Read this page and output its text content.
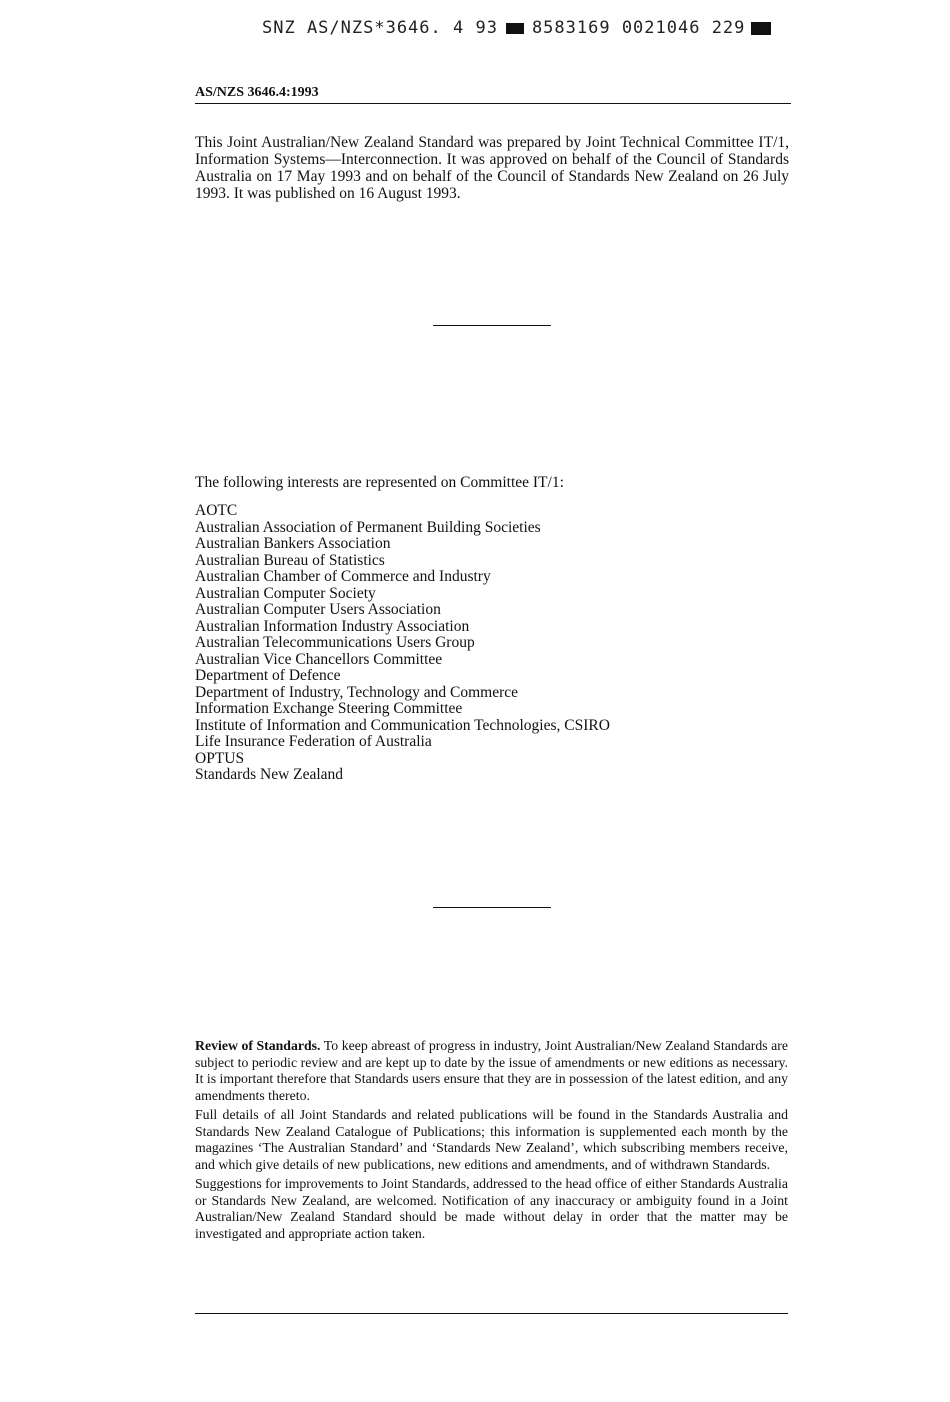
SNZ AS/NZS*3646. 4 93 8583169 0021046 229
AS/NZS 3646.4:1993

This Joint Australian/New Zealand Standard was prepared by Joint Technical Committee IT/1, Information Systems—Interconnection. It was approved on behalf of the Council of Standards Australia on 17 May 1993 and on behalf of the Council of Standards New Zealand on 26 July 1993. It was published on 16 August 1993.

The following interests are represented on Committee IT/1:
AOTC
Australian Association of Permanent Building Societies
Australian Bankers Association
Australian Bureau of Statistics
Australian Chamber of Commerce and Industry
Australian Computer Society
Australian Computer Users Association
Australian Information Industry Association
Australian Telecommunications Users Group
Australian Vice Chancellors Committee
Department of Defence
Department of Industry, Technology and Commerce
Information Exchange Steering Committee
Institute of Information and Communication Technologies, CSIRO
Life Insurance Federation of Australia
OPTUS
Standards New Zealand

Review of Standards. To keep abreast of progress in industry, Joint Australian/New Zealand Standards are subject to periodic review and are kept up to date by the issue of amendments or new editions as necessary. It is important therefore that Standards users ensure that they are in possession of the latest edition, and any amendments thereto.

Full details of all Joint Standards and related publications will be found in the Standards Australia and Standards New Zealand Catalogue of Publications; this information is supplemented each month by the magazines ‘The Australian Standard’ and ‘Standards New Zealand’, which subscribing members receive, and which give details of new publications, new editions and amendments, and of withdrawn Standards.

Suggestions for improvements to Joint Standards, addressed to the head office of either Standards Australia or Standards New Zealand, are welcomed. Notification of any inaccuracy or ambiguity found in a Joint Australian/New Zealand Standard should be made without delay in order that the matter may be investigated and appropriate action taken.
